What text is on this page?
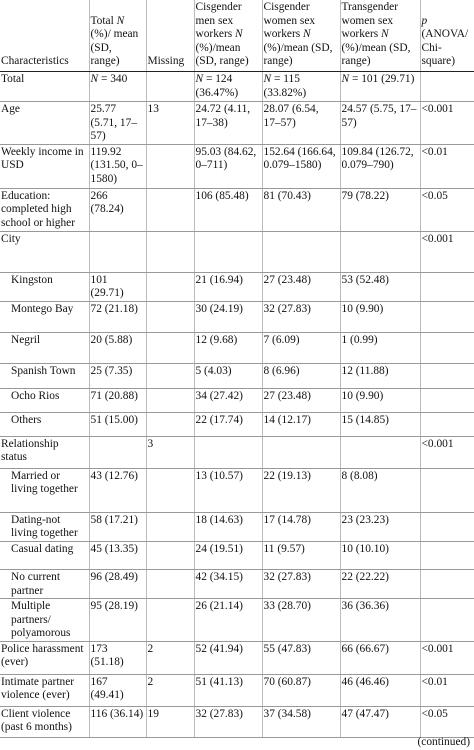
Characteristics	Total N (%)/ mean (SD, range)	Missing	Cisgender men sex workers N (%)/mean (SD, range)	Cisgender women sex workers N (%)/mean (SD, range)	Transgender women sex workers N (%)/mean (SD, range)	p (ANOVA/ Chi-square)
Total	N = 340		N = 124 (36.47%)	N = 115 (33.82%)	N = 101 (29.71)	
Age	25.77 (5.71, 17–57)	13	24.72 (4.11, 17–38)	28.07 (6.54, 17–57)	24.57 (5.75, 17–57)	<0.001
Weekly income in USD	119.92 (131.50, 0–1580)		95.03 (84.62, 0–711)	152.64 (166.64, 0.079–1580)	109.84 (126.72, 0.079–790)	<0.01
Education: completed high school or higher	266 (78.24)		106 (85.48)	81 (70.43)	79 (78.22)	<0.05
City						<0.001
Kingston	101 (29.71)		21 (16.94)	27 (23.48)	53 (52.48)	
Montego Bay	72 (21.18)		30 (24.19)	32 (27.83)	10 (9.90)	
Negril	20 (5.88)		12 (9.68)	7 (6.09)	1 (0.99)	
Spanish Town	25 (7.35)		5 (4.03)	8 (6.96)	12 (11.88)	
Ocho Rios	71 (20.88)		34 (27.42)	27 (23.48)	10 (9.90)	
Others	51 (15.00)		22 (17.74)	14 (12.17)	15 (14.85)	
Relationship status		3				<0.001
Married or living together	43 (12.76)		13 (10.57)	22 (19.13)	8 (8.08)	
Dating-not living together	58 (17.21)		18 (14.63)	17 (14.78)	23 (23.23)	
Casual dating	45 (13.35)		24 (19.51)	11 (9.57)	10 (10.10)	
No current partner	96 (28.49)		42 (34.15)	32 (27.83)	22 (22.22)	
Multiple partners/ polyamorous	95 (28.19)		26 (21.14)	33 (28.70)	36 (36.36)	
Police harassment (ever)	173 (51.18)	2	52 (41.94)	55 (47.83)	66 (66.67)	<0.001
Intimate partner violence (ever)	167 (49.41)	2	51 (41.13)	70 (60.87)	46 (46.46)	<0.01
Client violence (past 6 months)	116 (36.14)	19	32 (27.83)	37 (34.58)	47 (47.47)	<0.05
(continued)
